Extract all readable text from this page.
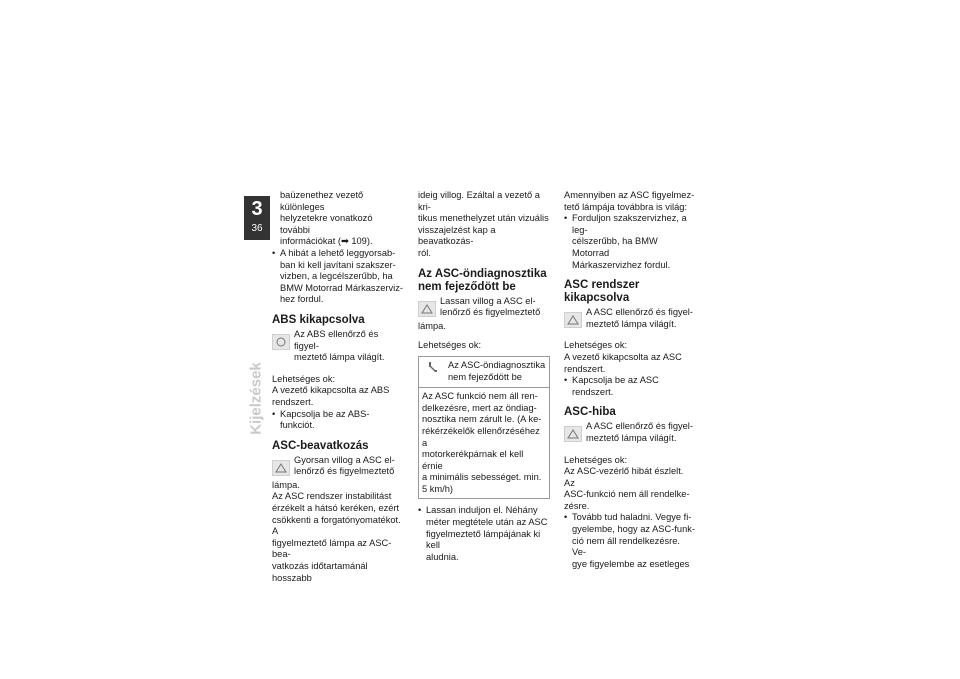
3
36
Kijelzések

baüzenethez vezető különleges

helyzetekre vonatkozó további

információkat (➡ 109).

• A hibát a lehető leggyorsab-

ban ki kell javítani szakszer-

vizben, a legcélszerűbb, ha

BMW Motorrad Márkaszerviz-

hez fordul.

ABS kikapcsolva

Az ABS ellenőrző és figyel-

meztető lámpa világít.

Lehetséges ok:

A vezető kikapcsolta az ABS

rendszert.

• Kapcsolja be az ABS-funkciót.

ASC-beavatkozás

Gyorsan villog a ASC el-

lenőrző és figyelmeztető

lámpa.

Az ASC rendszer instabilitást

érzékelt a hátsó keréken, ezért

csökkenti a forgatónyomatékot. A

figyelmeztető lámpa az ASC-bea-

vatkozás időtartamánál hosszabb

ideig villog. Ezáltal a vezető a kri-

tikus menethelyzet után vizuális

visszajelzést kap a beavatkozás-

ról.

Az ASC-öndiagnosztika
nem fejeződött be

Lassan villog a ASC el-

lenőrző és figyelmeztető

lámpa.

Lehetséges ok:

Az ASC-öndiagnosztika

nem fejeződött be

Az ASC funkció nem áll ren-

delkezésre, mert az öndiag-

nosztika nem zárult le. (A ke-

rékérzékelők ellenőrzéséhez a

motorkerékpárnak el kell érnie

a minimális sebességet. min.

5 km/h)

• Lassan induljon el. Néhány

méter megtétele után az ASC

figyelmeztető lámpájának ki kell

aludnia.

Amennyiben az ASC figyelmez-

tető lámpája továbbra is világ:

• Forduljon szakszervizhez, a leg-

célszerűbb, ha BMW Motorrad

Márkaszervizhez fordul.

ASC rendszer kikapcsolva

A ASC ellenőrző és figyel-

meztető lámpa világít.

Lehetséges ok:

A vezető kikapcsolta az ASC

rendszert.

• Kapcsolja be az ASC rendszert.

ASC-hiba

A ASC ellenőrző és figyel-

meztető lámpa világít.

Lehetséges ok:

Az ASC-vezérlő hibát észlelt. Az

ASC-funkció nem áll rendelke-

zésre.

• Tovább tud haladni. Vegye fi-

gyelembe, hogy az ASC-funk-

ció nem áll rendelkezésre. Ve-

gye figyelembe az esetleges
